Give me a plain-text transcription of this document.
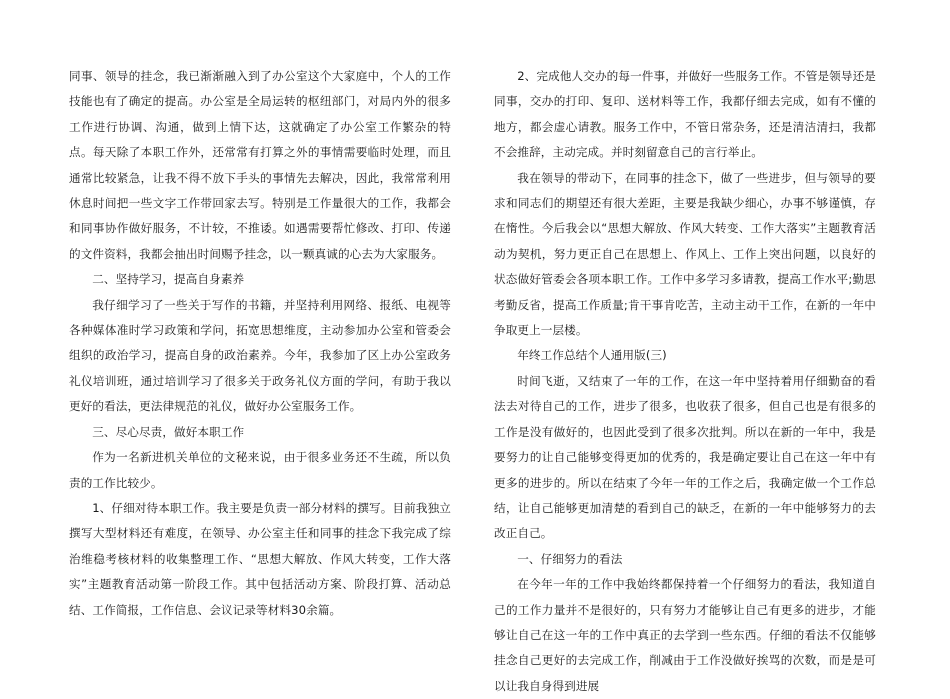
同事、领导的挂念，我已渐渐融入到了办公室这个大家庭中，个人的工作技能也有了确定的提高。办公室是全局运转的枢纽部门，对局内外的很多工作进行协调、沟通，做到上情下达，这就确定了办公室工作繁杂的特点。每天除了本职工作外，还常常有打算之外的事情需要临时处理，而且通常比较紧急，让我不得不放下手头的事情先去解决，因此，我常常利用休息时间把一些文字工作带回家去写。特别是工作量很大的工作，我都会和同事协作做好服务，不计较，不推诿。如遇需要帮忙修改、打印、传递的文件资料，我都会抽出时间赐予挂念，以一颗真诚的心去为大家服务。

二、坚持学习，提高自身素养

我仔细学习了一些关于写作的书籍，并坚持利用网络、报纸、电视等各种媒体准时学习政策和学问，拓宽思想维度，主动参加办公室和管委会组织的政治学习，提高自身的政治素养。今年，我参加了区上办公室政务礼仪培训班，通过培训学习了很多关于政务礼仪方面的学问，有助于我以更好的看法，更法律规范的礼仪，做好办公室服务工作。

三、尽心尽责，做好本职工作

作为一名新进机关单位的文秘来说，由于很多业务还不生疏，所以负责的工作比较少。

1、仔细对待本职工作。我主要是负责一部分材料的撰写。目前我独立撰写大型材料还有难度，在领导、办公室主任和同事的挂念下我完成了综治维稳考核材料的收集整理工作、“思想大解放、作风大转变，工作大落实”主题教育活动第一阶段工作。其中包括活动方案、阶段打算、活动总结、工作简报，工作信息、会议记录等材料30余篇。

2、完成他人交办的每一件事，并做好一些服务工作。不管是领导还是同事，交办的打印、复印、送材料等工作，我都仔细去完成，如有不懂的地方，都会虚心请教。服务工作中，不管日常杂务，还是清洁清扫，我都不会推辞，主动完成。并时刻留意自己的言行举止。

我在领导的带动下，在同事的挂念下，做了一些进步，但与领导的要求和同志们的期望还有很大差距，主要是我缺少细心，办事不够谨慎，存在惰性。今后我会以“思想大解放、作风大转变、工作大落实”主题教育活动为契机，努力更正自己在思想上、作风上、工作上突出问题，以良好的状态做好管委会各项本职工作。工作中多学习多请教，提高工作水平;勤思考勤反省，提高工作质量;肯干事肯吃苦，主动主动干工作，在新的一年中争取更上一层楼。

年终工作总结个人通用版(三)

时间飞逝，又结束了一年的工作，在这一年中坚持着用仔细勤奋的看法去对待自己的工作，进步了很多，也收获了很多，但自己也是有很多的工作是没有做好的，也因此受到了很多次批判。所以在新的一年中，我是要努力的让自己能够变得更加的优秀的，我是确定要让自己在这一年中有更多的进步的。所以在结束了今年一年的工作之后，我确定做一个工作总结，让自己能够更加清楚的看到自己的缺乏，在新的一年中能够努力的去改正自己。

一、仔细努力的看法

在今年一年的工作中我始终都保持着一个仔细努力的看法，我知道自己的工作力量并不是很好的，只有努力才能够让自己有更多的进步，才能够让自己在这一年的工作中真正的去学到一些东西。仔细的看法不仅能够挂念自己更好的去完成工作，削减由于工作没做好挨骂的次数，而是是可以让我自身得到进展
